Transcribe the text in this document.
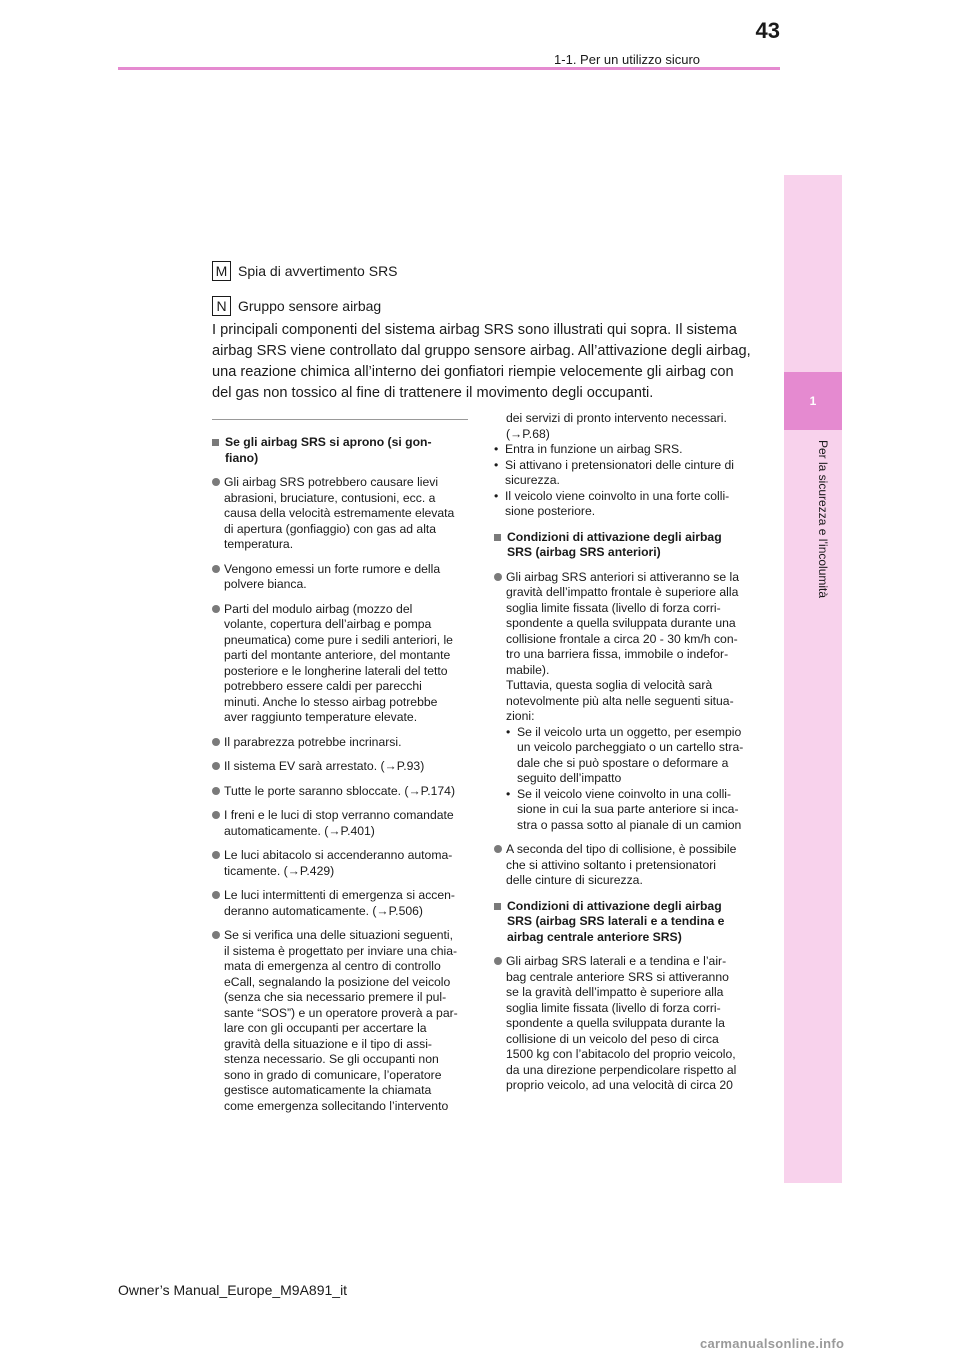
43
1-1. Per un utilizzo sicuro
1
Per la sicurezza e l’incolumità
M Spia di avvertimento SRS
N Gruppo sensore airbag
I principali componenti del sistema airbag SRS sono illustrati qui sopra. Il sistema airbag SRS viene controllato dal gruppo sensore airbag. All’attivazione degli airbag, una reazione chimica all’interno dei gonfiatori riempie velocemente gli airbag con del gas non tossico al fine di trattenere il movimento degli occupanti.
Se gli airbag SRS si aprono (si gon-
fiano)
Gli airbag SRS potrebbero causare lievi
abrasioni, bruciature, contusioni, ecc. a
causa della velocità estremamente elevata
di apertura (gonfiaggio) con gas ad alta
temperatura.
Vengono emessi un forte rumore e della
polvere bianca.
Parti del modulo airbag (mozzo del
volante, copertura dell’airbag e pompa
pneumatica) come pure i sedili anteriori, le
parti del montante anteriore, del montante
posteriore e le longherine laterali del tetto
potrebbero essere caldi per parecchi
minuti. Anche lo stesso airbag potrebbe
aver raggiunto temperature elevate.
Il parabrezza potrebbe incrinarsi.
Il sistema EV sarà arrestato. (→P.93)
Tutte le porte saranno sbloccate. (→P.174)
I freni e le luci di stop verranno comandate
automaticamente. (→P.401)
Le luci abitacolo si accenderanno automa-
ticamente. (→P.429)
Le luci intermittenti di emergenza si accen-
deranno automaticamente. (→P.506)
Se si verifica una delle situazioni seguenti,
il sistema è progettato per inviare una chia-
mata di emergenza al centro di controllo
eCall, segnalando la posizione del veicolo
(senza che sia necessario premere il pul-
sante “SOS”) e un operatore proverà a par-
lare con gli occupanti per accertare la
gravità della situazione e il tipo di assi-
stenza necessario. Se gli occupanti non
sono in grado di comunicare, l’operatore
gestisce automaticamente la chiamata
come emergenza sollecitando l’intervento
dei servizi di pronto intervento necessari.
(→P.68)
• Entra in funzione un airbag SRS.
• Si attivano i pretensionatori delle cinture di
sicurezza.
• Il veicolo viene coinvolto in una forte colli-
sione posteriore.
Condizioni di attivazione degli airbag
SRS (airbag SRS anteriori)
Gli airbag SRS anteriori si attiveranno se la
gravità dell’impatto frontale è superiore alla
soglia limite fissata (livello di forza corri-
spondente a quella sviluppata durante una
collisione frontale a circa 20 - 30 km/h con-
tro una barriera fissa, immobile o indefor-
mabile).
Tuttavia, questa soglia di velocità sarà
notevolmente più alta nelle seguenti situa-
zioni:
• Se il veicolo urta un oggetto, per esempio
un veicolo parcheggiato o un cartello stra-
dale che si può spostare o deformare a
seguito dell’impatto
• Se il veicolo viene coinvolto in una colli-
sione in cui la sua parte anteriore si inca-
stra o passa sotto al pianale di un camion
A seconda del tipo di collisione, è possibile
che si attivino soltanto i pretensionatori
delle cinture di sicurezza.
Condizioni di attivazione degli airbag
SRS (airbag SRS laterali e a tendina e
airbag centrale anteriore SRS)
Gli airbag SRS laterali e a tendina e l’air-
bag centrale anteriore SRS si attiveranno
se la gravità dell’impatto è superiore alla
soglia limite fissata (livello di forza corri-
spondente a quella sviluppata durante la
collisione di un veicolo del peso di circa
1500 kg con l’abitacolo del proprio veicolo,
da una direzione perpendicolare rispetto al
proprio veicolo, ad una velocità di circa 20
Owner’s Manual_Europe_M9A891_it
carmanualsonline.info
